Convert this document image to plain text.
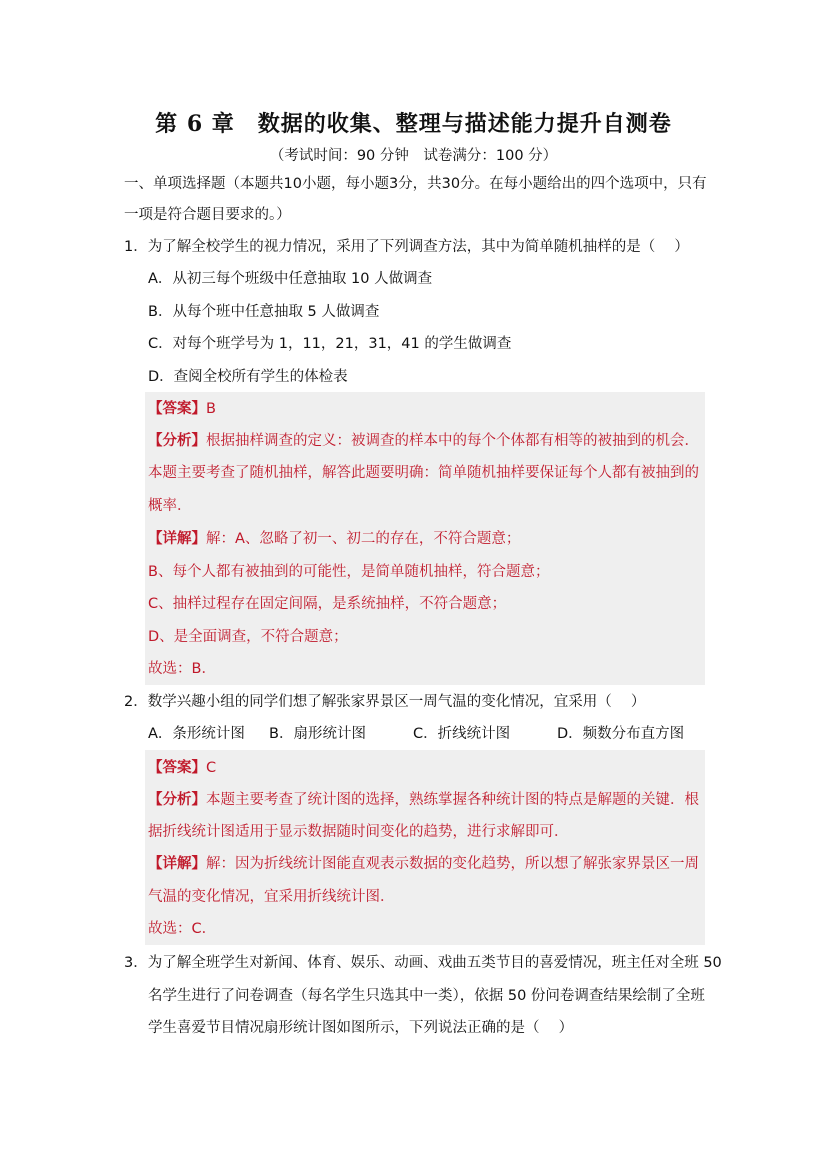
第 6 章　数据的收集、整理与描述能力提升自测卷
（考试时间：90 分钟　试卷满分：100 分）
一、单项选择题（本题共10小题，每小题3分，共30分。在每小题给出的四个选项中，只有
一项是符合题目要求的。）
1．为了解全校学生的视力情况，采用了下列调查方法，其中为简单随机抽样的是（　 ）
A．从初三每个班级中任意抽取 10 人做调查
B．从每个班中任意抽取 5 人做调查
C．对每个班学号为 1，11，21，31，41 的学生做调查
D．查阅全校所有学生的体检表
【答案】B
【分析】根据抽样调查的定义：被调查的样本中的每个个体都有相等的被抽到的机会．
本题主要考查了随机抽样，解答此题要明确：简单随机抽样要保证每个人都有被抽到的
概率．
【详解】解：A、忽略了初一、初二的存在，不符合题意；
B、每个人都有被抽到的可能性，是简单随机抽样，符合题意；
C、抽样过程存在固定间隔，是系统抽样，不符合题意；
D、是全面调查，不符合题意；
故选：B．
2．数学兴趣小组的同学们想了解张家界景区一周气温的变化情况，宜采用（　 ）
A．条形统计图 B．扇形统计图	C．折线统计图	D．频数分布直方图
【答案】C
【分析】本题主要考查了统计图的选择，熟练掌握各种统计图的特点是解题的关键．根
据折线统计图适用于显示数据随时间变化的趋势，进行求解即可．
【详解】解：因为折线统计图能直观表示数据的变化趋势，所以想了解张家界景区一周
气温的变化情况，宜采用折线统计图．
故选：C．
3．为了解全班学生对新闻、体育、娱乐、动画、戏曲五类节目的喜爱情况，班主任对全班 50
名学生进行了问卷调查（每名学生只选其中一类），依据 50 份问卷调查结果绘制了全班
学生喜爱节目情况扇形统计图如图所示，下列说法正确的是（　 ）
